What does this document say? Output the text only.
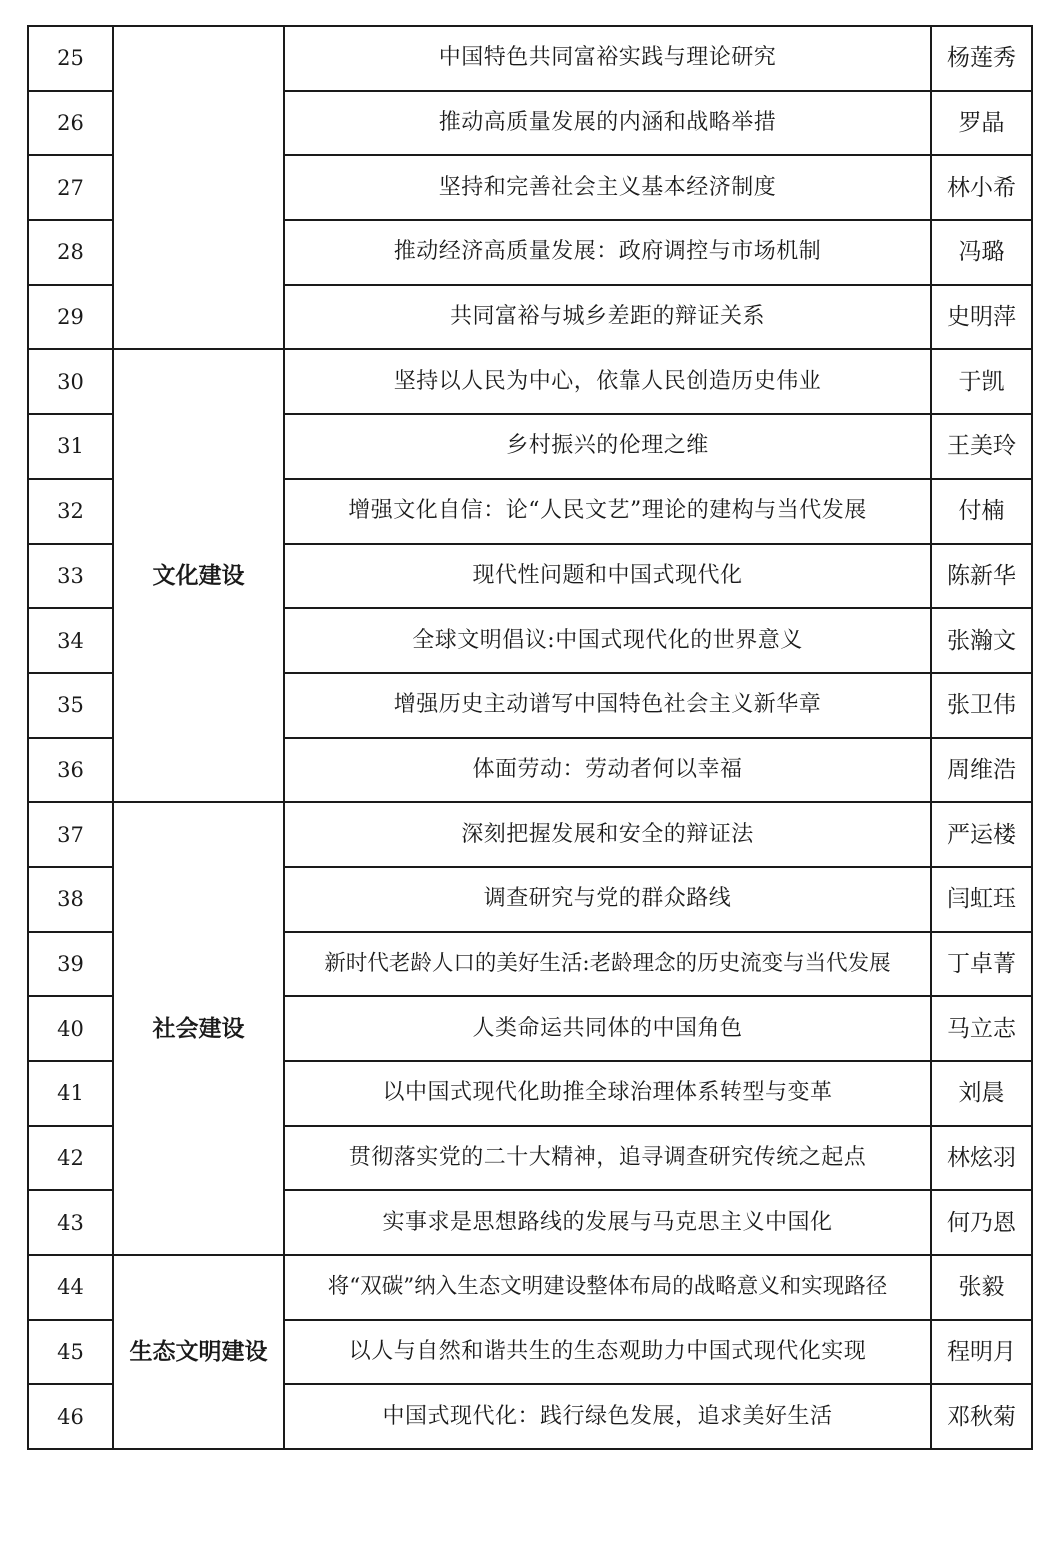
25		中国特色共同富裕实践与理论研究	杨莲秀
26		推动高质量发展的内涵和战略举措	罗晶
27		坚持和完善社会主义基本经济制度	林小希
28		推动经济高质量发展：政府调控与市场机制	冯璐
29		共同富裕与城乡差距的辩证关系	史明萍
30	文化建设	坚持以人民为中心，依靠人民创造历史伟业	于凯
31		乡村振兴的伦理之维	王美玲
32		增强文化自信：论“人民文艺”理论的建构与当代发展	付楠
33		现代性问题和中国式现代化	陈新华
34		全球文明倡议:中国式现代化的世界意义	张瀚文
35		增强历史主动谱写中国特色社会主义新华章	张卫伟
36		体面劳动：劳动者何以幸福	周维浩
37	社会建设	深刻把握发展和安全的辩证法	严运楼
38		调查研究与党的群众路线	闫虹珏
39		新时代老龄人口的美好生活:老龄理念的历史流变与当代发展	丁卓菁
40		人类命运共同体的中国角色	马立志
41		以中国式现代化助推全球治理体系转型与变革	刘晨
42		贯彻落实党的二十大精神，追寻调查研究传统之起点	林炫羽
43		实事求是思想路线的发展与马克思主义中国化	何乃恩
44	生态文明建设	将“双碳”纳入生态文明建设整体布局的战略意义和实现路径	张毅
45		以人与自然和谐共生的生态观助力中国式现代化实现	程明月
46		中国式现代化：践行绿色发展，追求美好生活	邓秋菊
